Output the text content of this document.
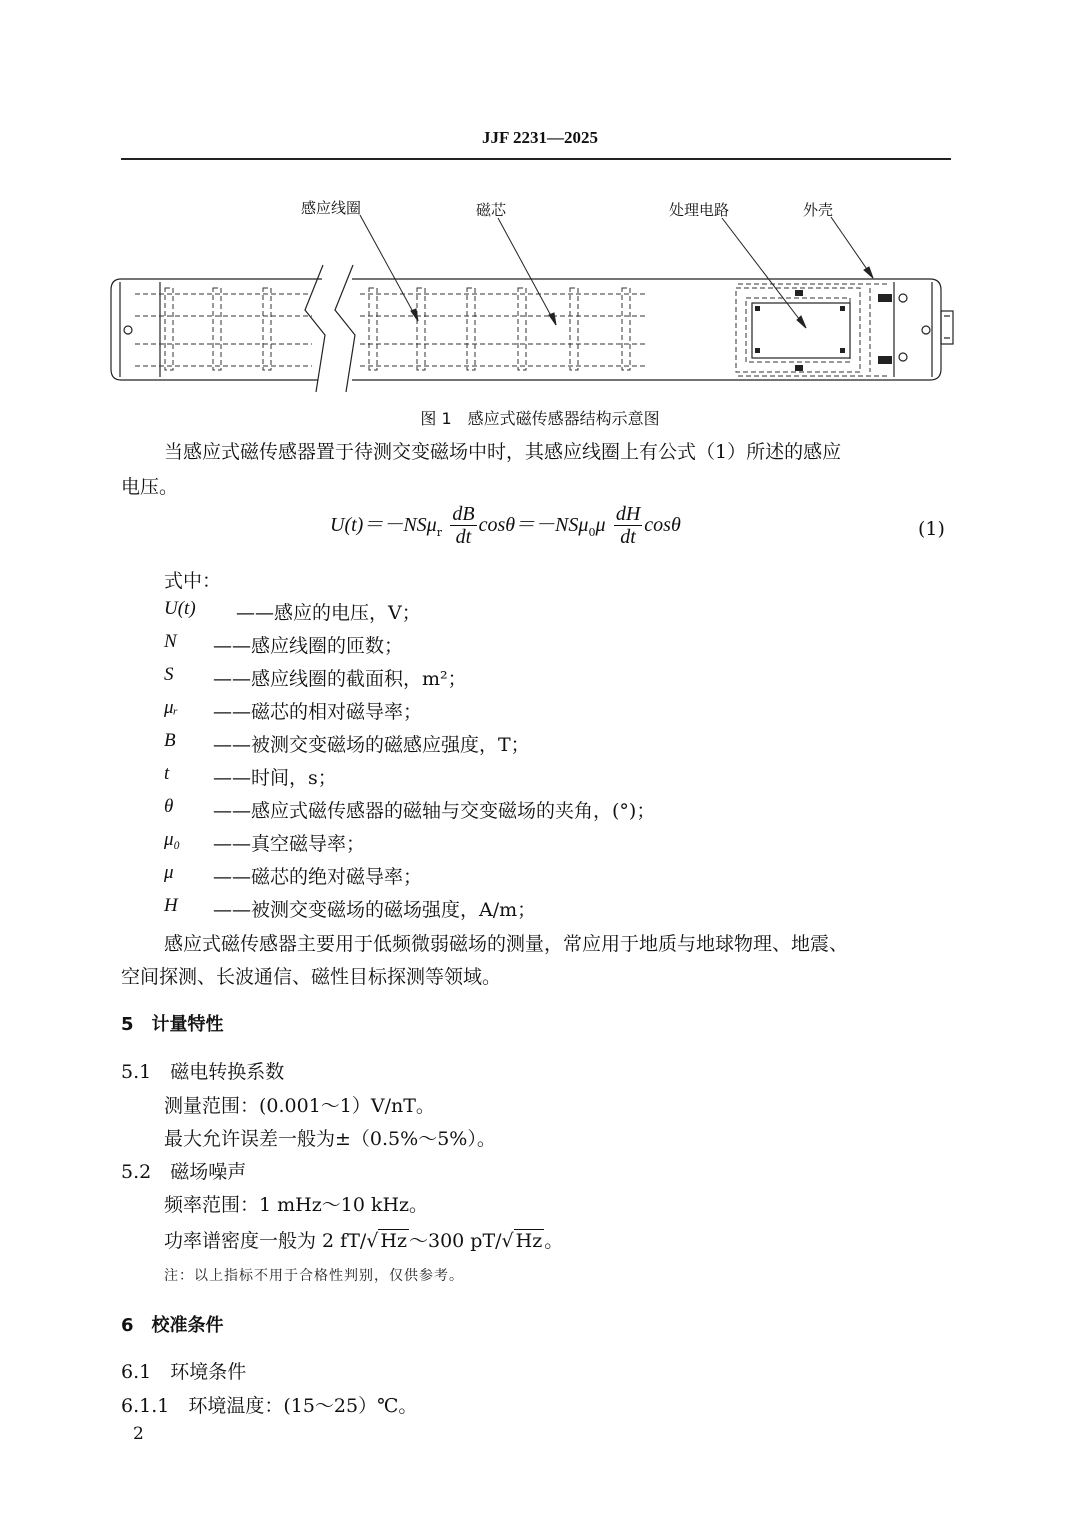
JJF 2231—2025
感应线圈	磁芯	处理电路	外壳
图 1　感应式磁传感器结构示意图
当感应式磁传感器置于待测交变磁场中时，其感应线圈上有公式（1）所述的感应
电压。
$U(t)=-NS\mu_r \frac{dB}{dt} \cos\theta=-NS\mu_0\mu \frac{dH}{dt}$ cosθ	(1)
式中：
U(t) ——感应的电压，V；
N ——感应线圈的匝数；
S ——感应线圈的截面积，m²；
μᵣ ——磁芯的相对磁导率；
B ——被测交变磁场的磁感应强度，T；
t ——时间，s；
θ ——感应式磁传感器的磁轴与交变磁场的夹角，(°)；
μ₀ ——真空磁导率；
μ ——磁芯的绝对磁导率；
H ——被测交变磁场的磁场强度，A/m；
感应式磁传感器主要用于低频微弱磁场的测量，常应用于地质与地球物理、地震、
空间探测、长波通信、磁性目标探测等领域。
5　计量特性
5.1　磁电转换系数
测量范围：(0.001～1）V/nT。
最大允许误差一般为±（0.5%～5%）。
5.2　磁场噪声
频率范围：1 mHz～10 kHz。
功率谱密度一般为 2 fT/√ Hz ～300 pT/√ Hz 。
注：以上指标不用于合格性判别，仅供参考。
6　校准条件
6.1　环境条件
6.1.1　环境温度：(15～25）℃。
2
